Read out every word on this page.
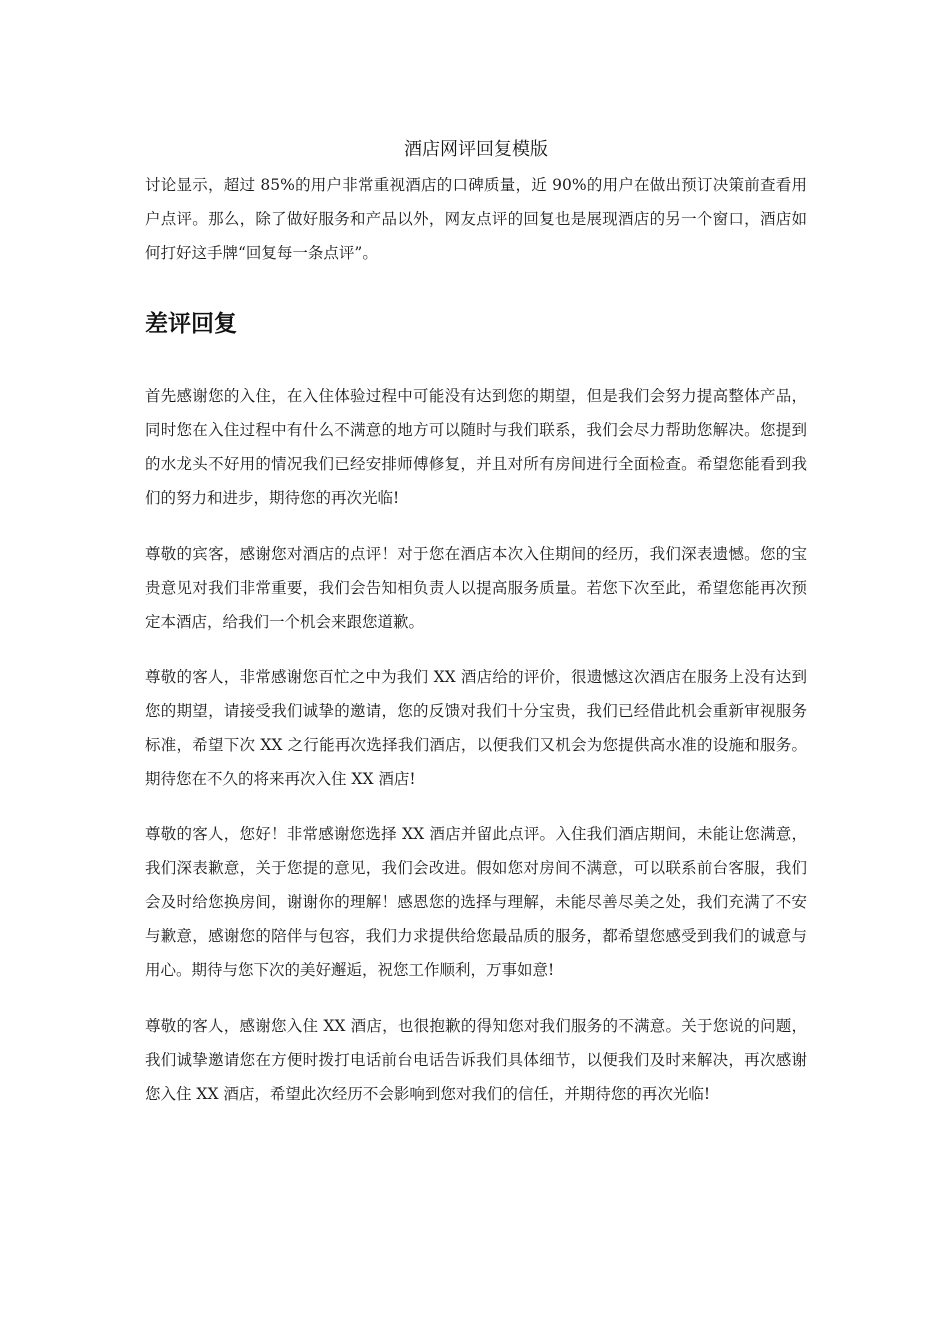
酒店网评回复模版

讨论显示，超过 85%的用户非常重视酒店的口碑质量，近 90%的用户在做出预订决策前查看用户点评。那么，除了做好服务和产品以外，网友点评的回复也是展现酒店的另一个窗口，酒店如何打好这手牌“回复每一条点评”。

差评回复

首先感谢您的入住，在入住体验过程中可能没有达到您的期望，但是我们会努力提高整体产品，同时您在入住过程中有什么不满意的地方可以随时与我们联系，我们会尽力帮助您解决。您提到的水龙头不好用的情况我们已经安排师傅修复，并且对所有房间进行全面检查。希望您能看到我们的努力和进步，期待您的再次光临!

尊敬的宾客，感谢您对酒店的点评！对于您在酒店本次入住期间的经历，我们深表遗憾。您的宝贵意见对我们非常重要，我们会告知相负责人以提高服务质量。若您下次至此，希望您能再次预定本酒店，给我们一个机会来跟您道歉。

尊敬的客人，非常感谢您百忙之中为我们 XX 酒店给的评价，很遗憾这次酒店在服务上没有达到您的期望，请接受我们诚挚的邀请，您的反馈对我们十分宝贵，我们已经借此机会重新审视服务标准，希望下次 XX 之行能再次选择我们酒店，以便我们又机会为您提供高水准的设施和服务。期待您在不久的将来再次入住 XX 酒店!

尊敬的客人，您好！非常感谢您选择 XX 酒店并留此点评。入住我们酒店期间，未能让您满意，我们深表歉意，关于您提的意见，我们会改进。假如您对房间不满意，可以联系前台客服，我们会及时给您换房间，谢谢你的理解！感恩您的选择与理解，未能尽善尽美之处，我们充满了不安与歉意，感谢您的陪伴与包容，我们力求提供给您最品质的服务，都希望您感受到我们的诚意与用心。期待与您下次的美好邂逅，祝您工作顺利，万事如意!

尊敬的客人，感谢您入住 XX 酒店，也很抱歉的得知您对我们服务的不满意。关于您说的问题，我们诚挚邀请您在方便时拨打电话前台电话告诉我们具体细节，以便我们及时来解决，再次感谢您入住 XX 酒店，希望此次经历不会影响到您对我们的信任，并期待您的再次光临!
